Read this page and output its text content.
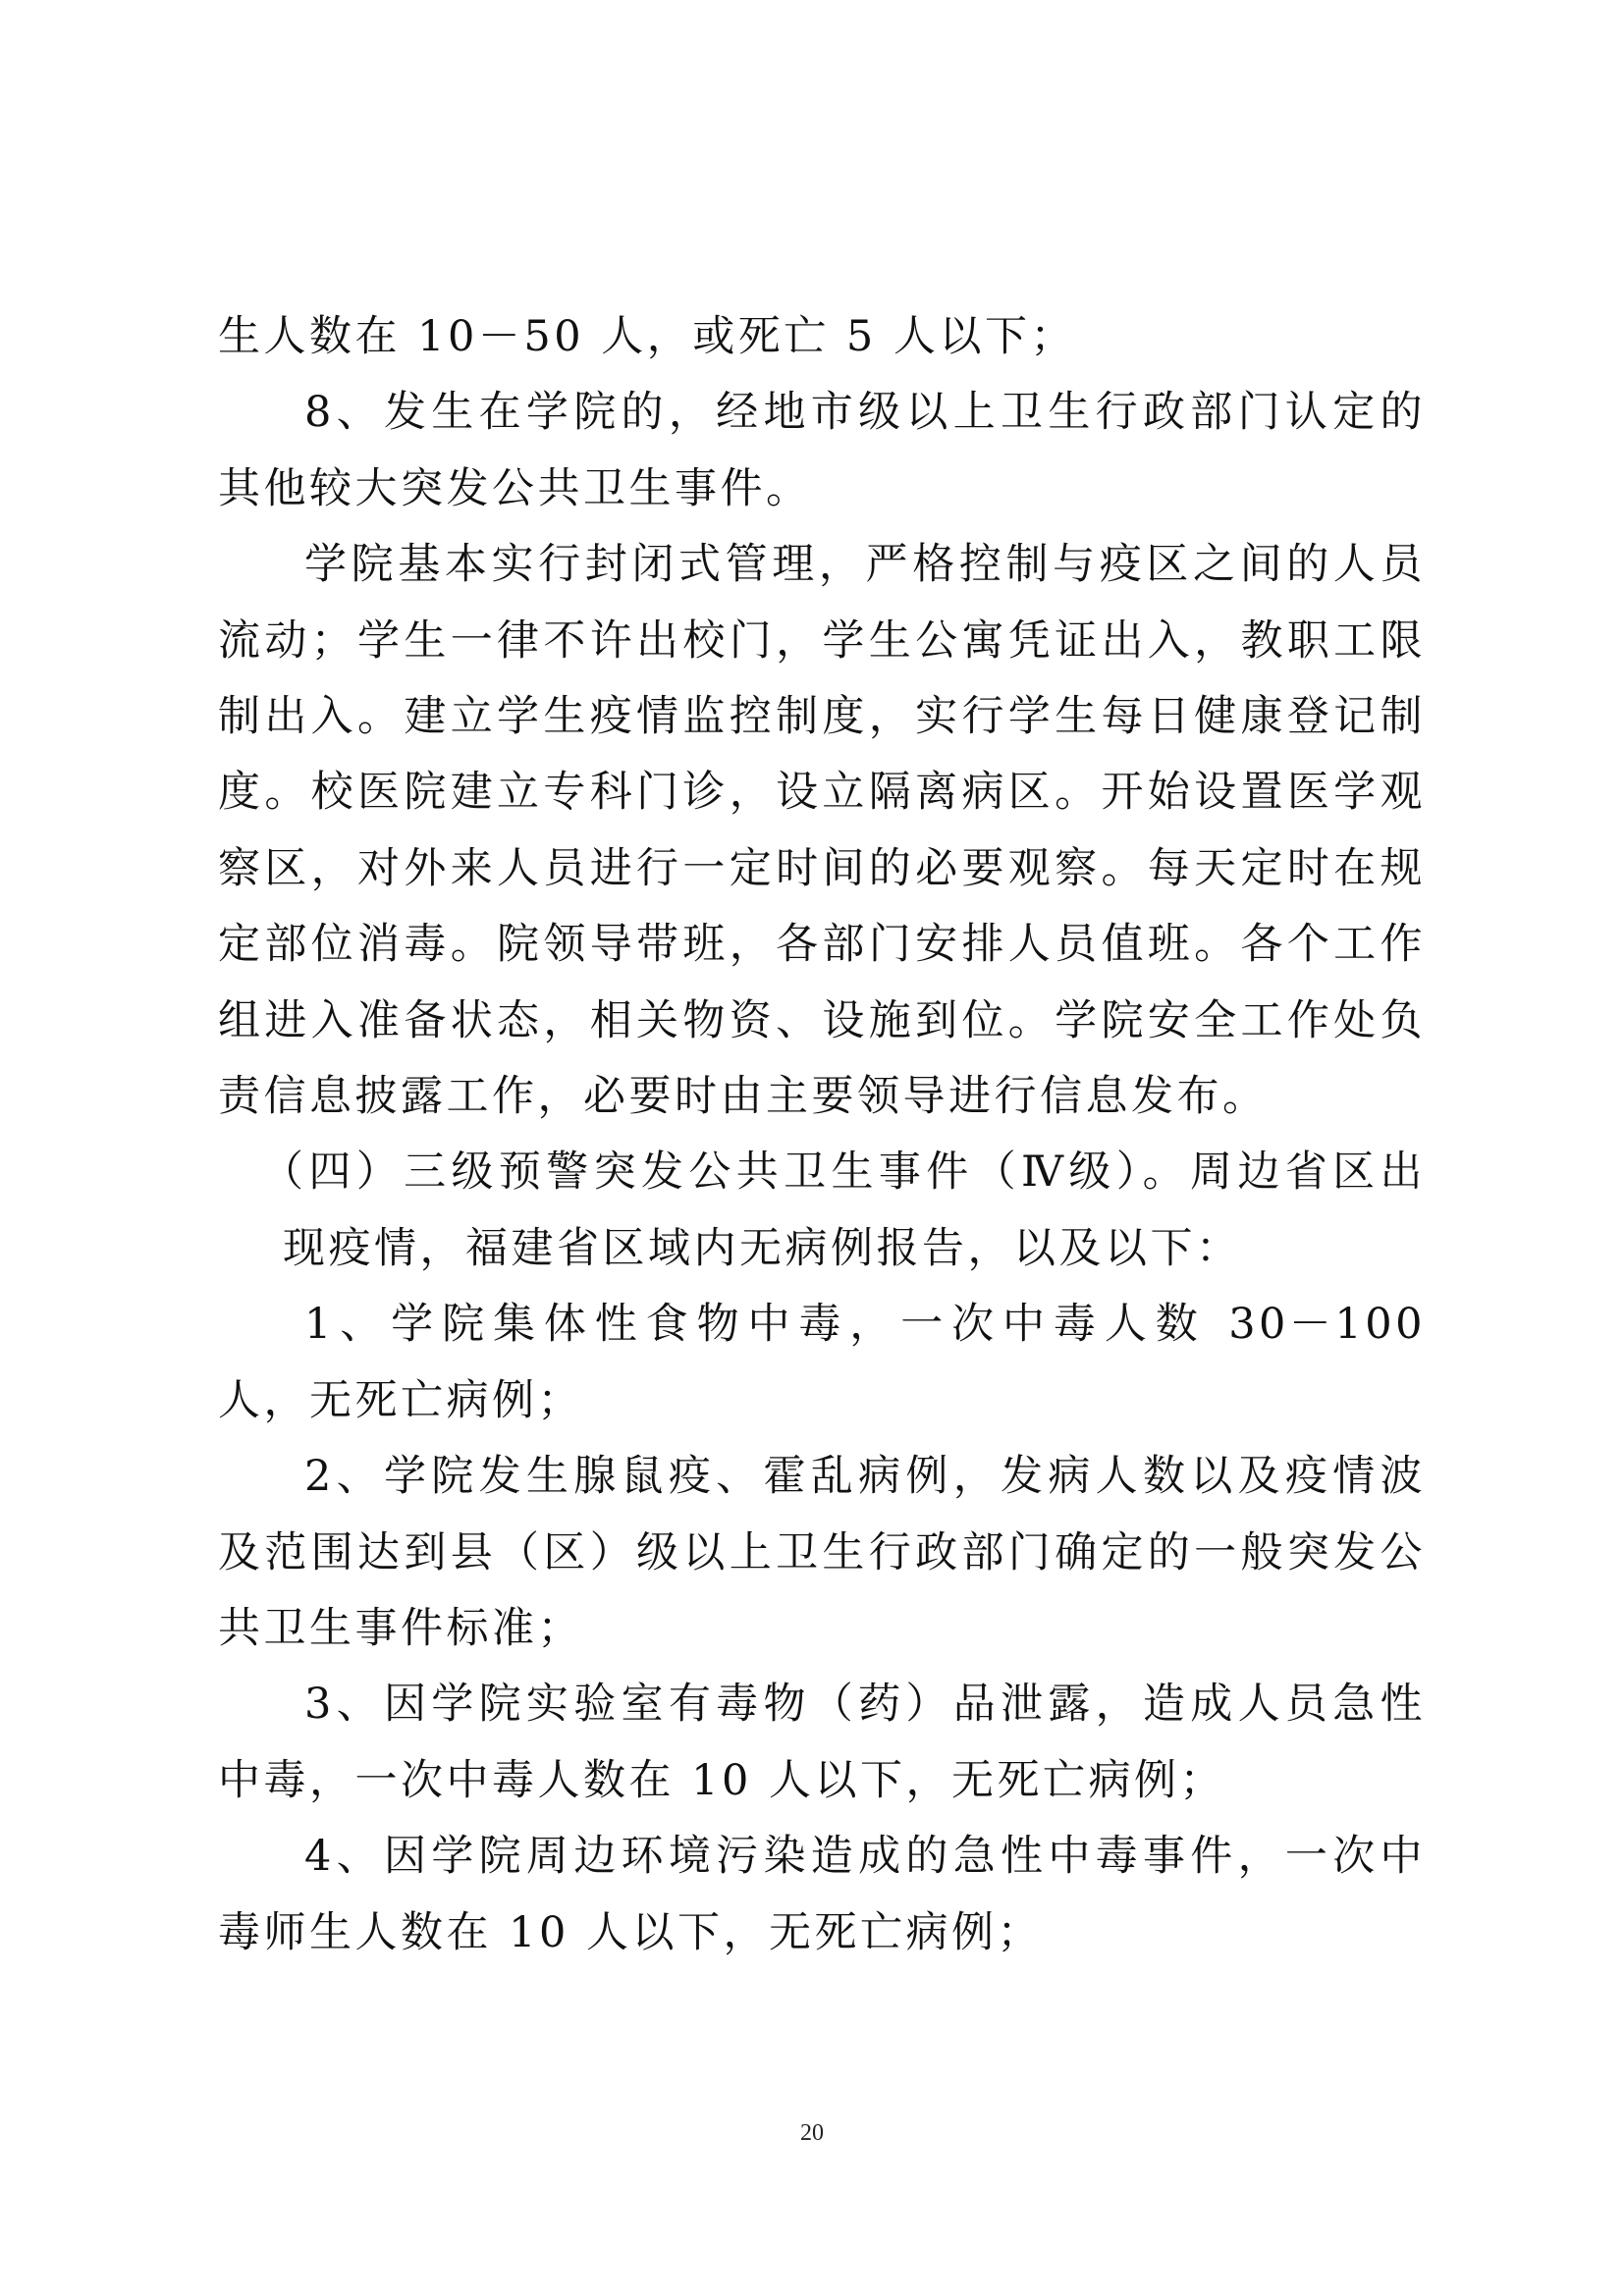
生人数在 10－50 人，或死亡 5 人以下；

8、发生在学院的，经地市级以上卫生行政部门认定的其他较大突发公共卫生事件。

学院基本实行封闭式管理，严格控制与疫区之间的人员流动；学生一律不许出校门，学生公寓凭证出入，教职工限制出入。建立学生疫情监控制度，实行学生每日健康登记制度。校医院建立专科门诊，设立隔离病区。开始设置医学观察区，对外来人员进行一定时间的必要观察。每天定时在规定部位消毒。院领导带班，各部门安排人员值班。各个工作组进入准备状态，相关物资、设施到位。学院安全工作处负责信息披露工作，必要时由主要领导进行信息发布。

（四）三级预警突发公共卫生事件（Ⅳ级）。周边省区出现疫情，福建省区域内无病例报告，以及以下：

1、学院集体性食物中毒，一次中毒人数 30－100 人，无死亡病例；

2、学院发生腺鼠疫、霍乱病例，发病人数以及疫情波及范围达到县（区）级以上卫生行政部门确定的一般突发公共卫生事件标准；

3、因学院实验室有毒物（药）品泄露，造成人员急性中毒，一次中毒人数在 10 人以下，无死亡病例；

4、因学院周边环境污染造成的急性中毒事件，一次中毒师生人数在 10 人以下，无死亡病例；

20
